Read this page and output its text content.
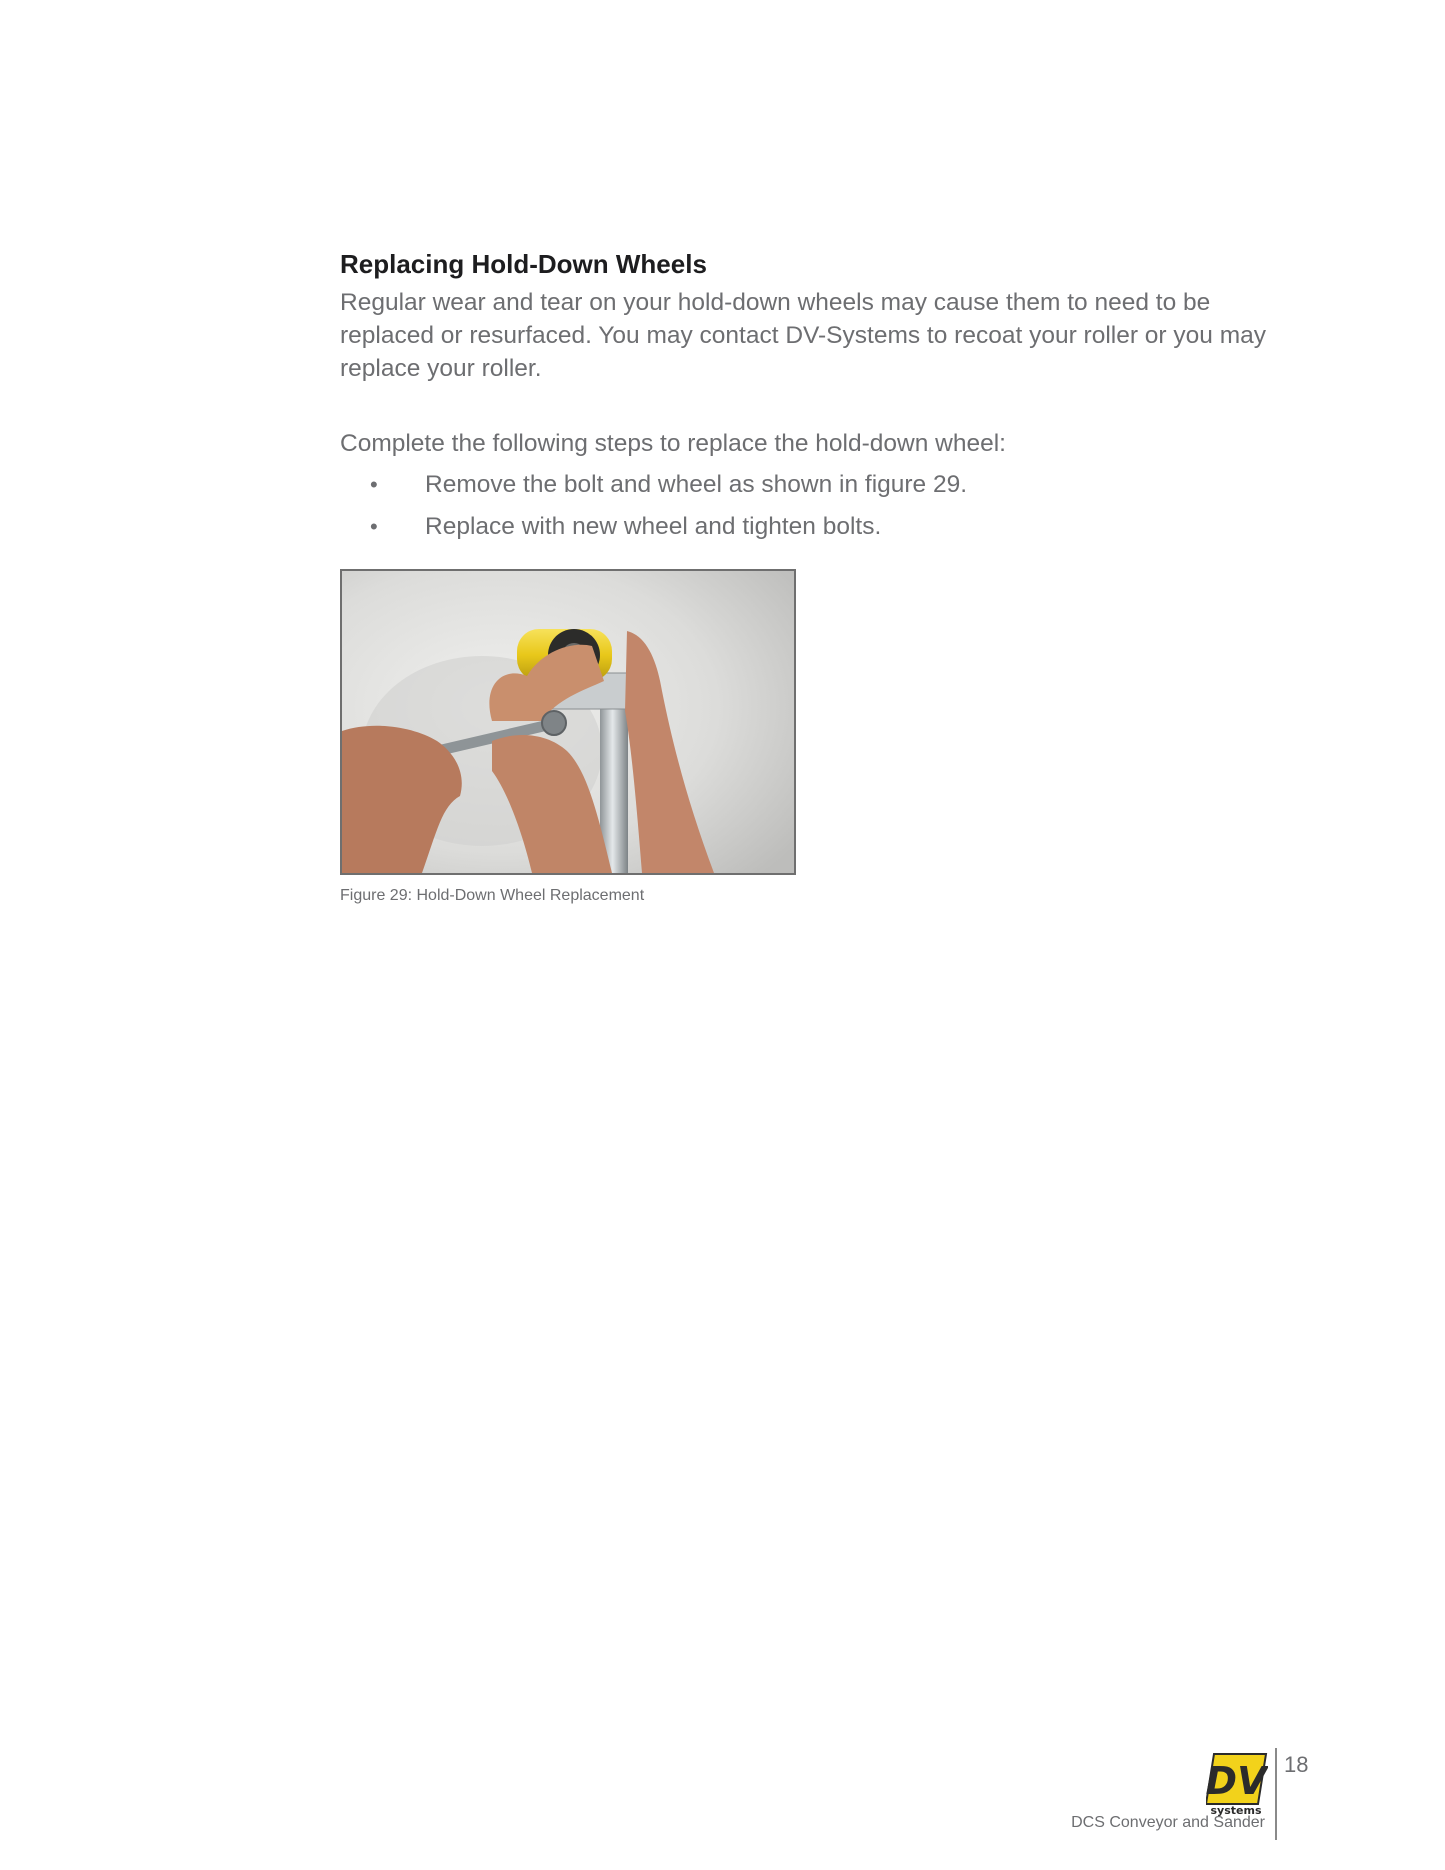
Replacing Hold-Down Wheels

Regular wear and tear on your hold-down wheels may cause them to need to be replaced or resurfaced. You may contact DV-Systems to recoat your roller or you may replace your roller.

Complete the following steps to replace the hold-down wheel:

• Remove the bolt and wheel as shown in figure 29.
• Replace with new wheel and tighten bolts.
Figure 29: Hold-Down Wheel Replacement
DV
systems
18
DCS Conveyor and Sander
